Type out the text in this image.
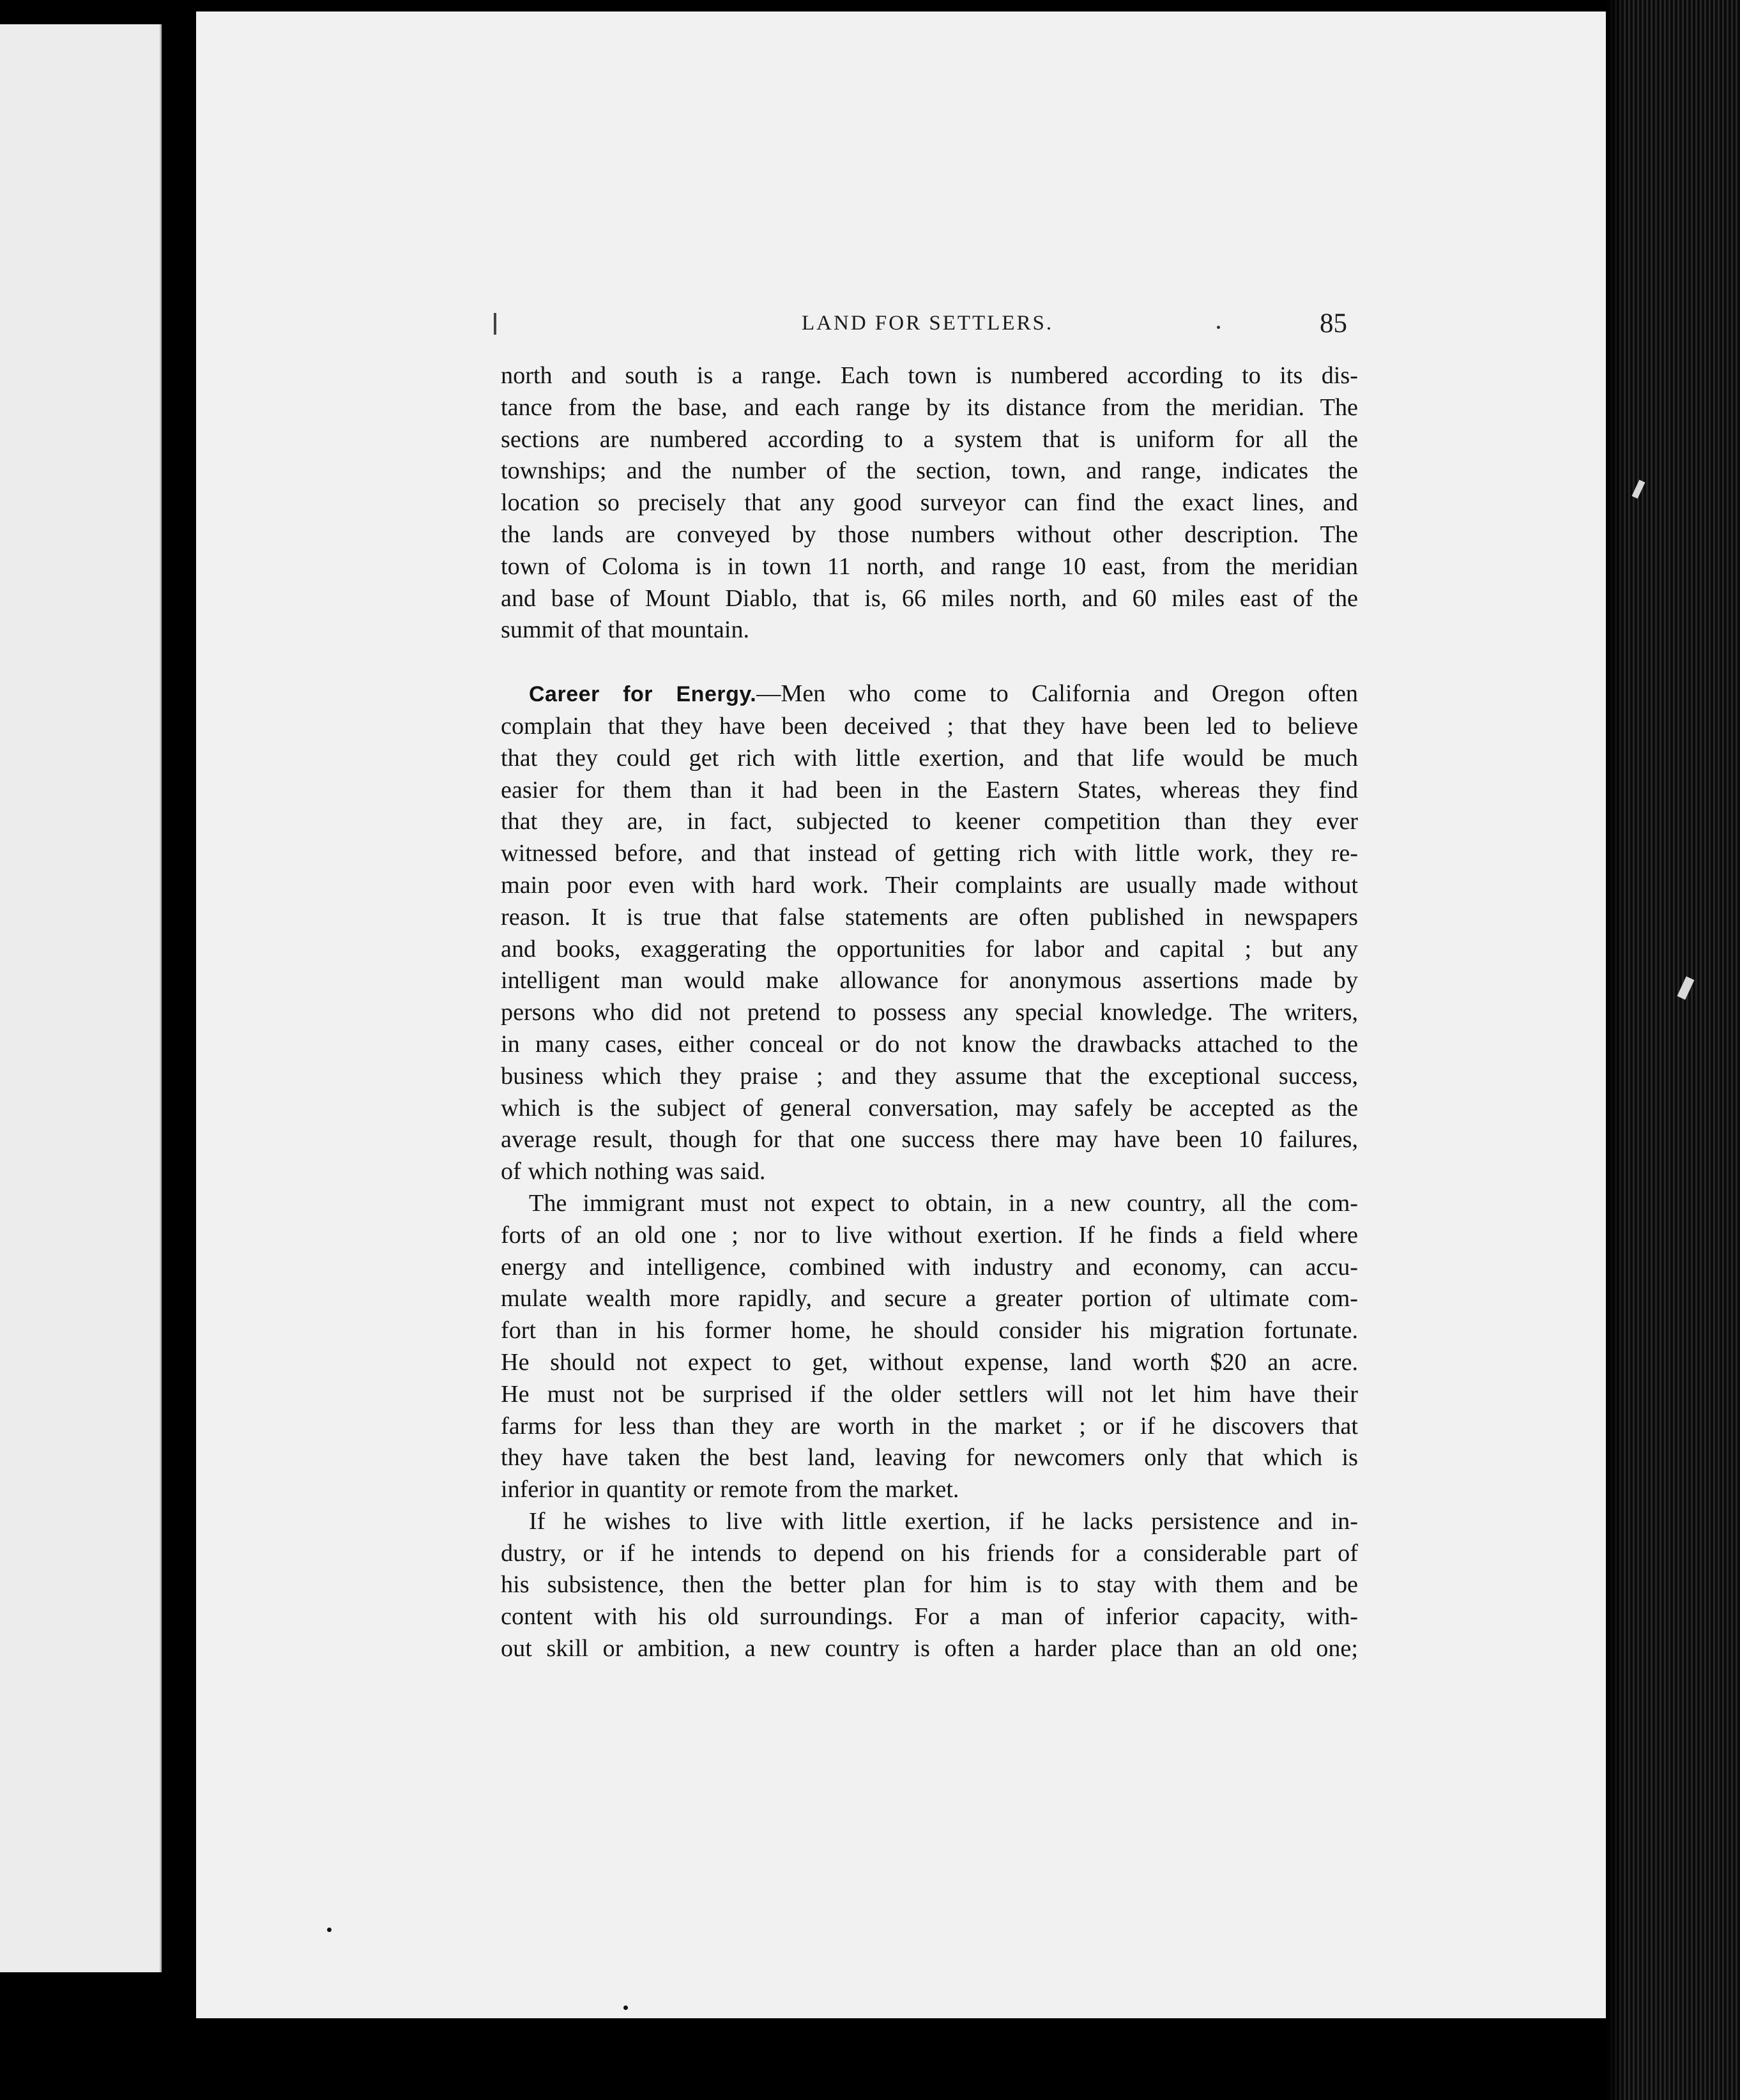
LAND FOR SETTLERS.	85

north and south is a range. Each town is numbered according to its dis-
tance from the base, and each range by its distance from the meridian. The
sections are numbered according to a system that is uniform for all the
townships; and the number of the section, town, and range, indicates the
location so precisely that any good surveyor can find the exact lines, and
the lands are conveyed by those numbers without other description. The
town of Coloma is in town 11 north, and range 10 east, from the meridian
and base of Mount Diablo, that is, 66 miles north, and 60 miles east of the
summit of that mountain.

Career for Energy.—Men who come to California and Oregon often
complain that they have been deceived ; that they have been led to believe
that they could get rich with little exertion, and that life would be much
easier for them than it had been in the Eastern States, whereas they find
that they are, in fact, subjected to keener competition than they ever
witnessed before, and that instead of getting rich with little work, they re-
main poor even with hard work. Their complaints are usually made without
reason. It is true that false statements are often published in newspapers
and books, exaggerating the opportunities for labor and capital ; but any
intelligent man would make allowance for anonymous assertions made by
persons who did not pretend to possess any special knowledge. The writers,
in many cases, either conceal or do not know the drawbacks attached to the
business which they praise ; and they assume that the exceptional success,
which is the subject of general conversation, may safely be accepted as the
average result, though for that one success there may have been 10 failures,
of which nothing was said.

The immigrant must not expect to obtain, in a new country, all the com-
forts of an old one ; nor to live without exertion. If he finds a field where
energy and intelligence, combined with industry and economy, can accu-
mulate wealth more rapidly, and secure a greater portion of ultimate com-
fort than in his former home, he should consider his migration fortunate.
He should not expect to get, without expense, land worth $20 an acre.
He must not be surprised if the older settlers will not let him have their
farms for less than they are worth in the market ; or if he discovers that
they have taken the best land, leaving for newcomers only that which is
inferior in quantity or remote from the market.

If he wishes to live with little exertion, if he lacks persistence and in-
dustry, or if he intends to depend on his friends for a considerable part of
his subsistence, then the better plan for him is to stay with them and be
content with his old surroundings. For a man of inferior capacity, with-
out skill or ambition, a new country is often a harder place than an old one;
